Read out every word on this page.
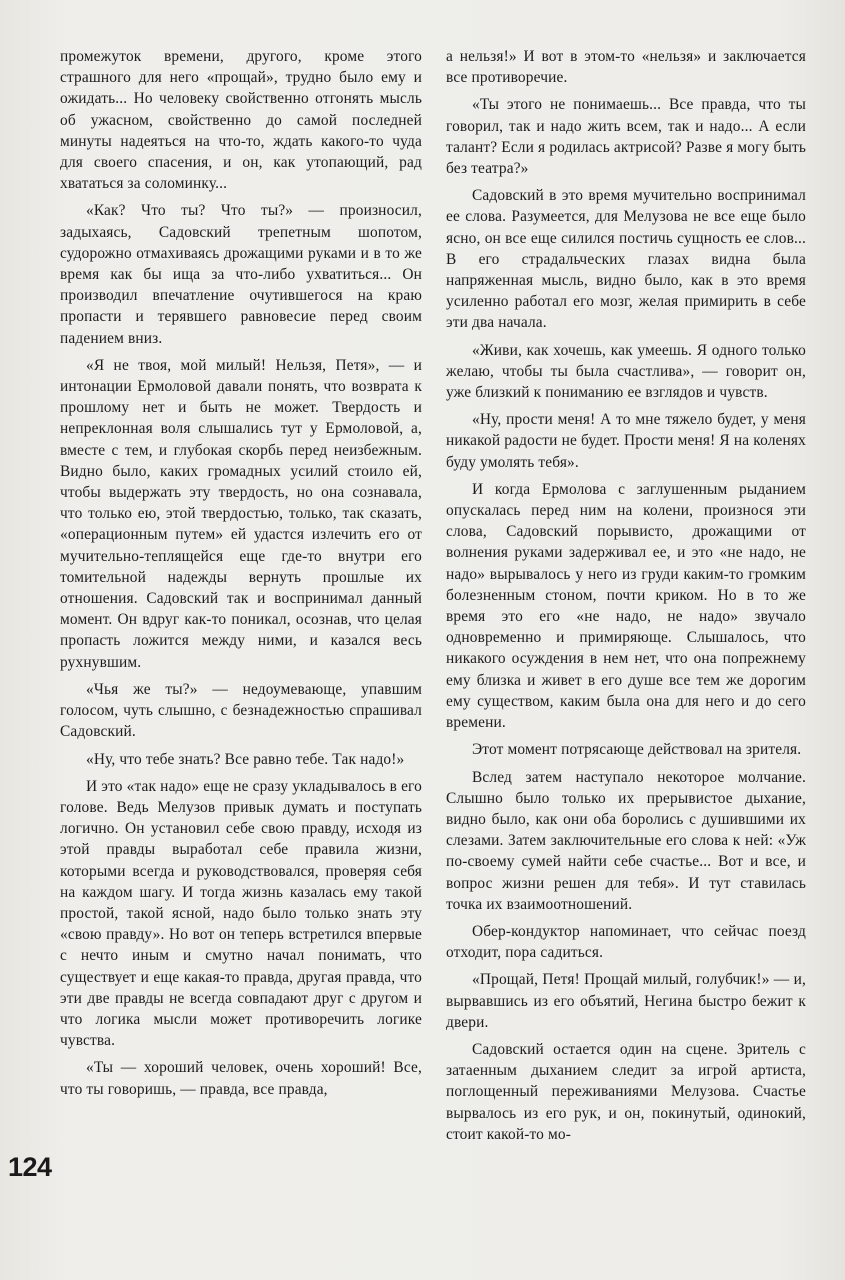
промежуток времени, другого, кроме этого страшного для него «прощай», трудно было ему и ожидать... Но человеку свойственно отгонять мысль об ужасном, свойственно до самой последней минуты надеяться на что-то, ждать какого-то чуда для своего спасения, и он, как утопающий, рад хвататься за соломинку...

«Как? Что ты? Что ты?» — произносил, задыхаясь, Садовский трепетным шопотом, судорожно отмахиваясь дрожащими руками и в то же время как бы ища за что-либо ухватиться... Он производил впечатление очутившегося на краю пропасти и терявшего равновесие перед своим падением вниз.

«Я не твоя, мой милый! Нельзя, Петя», — и интонации Ермоловой давали понять, что возврата к прошлому нет и быть не может. Твердость и непреклонная воля слышались тут у Ермоловой, а, вместе с тем, и глубокая скорбь перед неизбежным. Видно было, каких громадных усилий стоило ей, чтобы выдержать эту твердость, но она сознавала, что только ею, этой твердостью, только, так сказать, «операционным путем» ей удастся излечить его от мучительно-теплящейся еще где-то внутри его томительной надежды вернуть прошлые их отношения. Садовский так и воспринимал данный момент. Он вдруг как-то поникал, осознав, что целая пропасть ложится между ними, и казался весь рухнувшим.

«Чья же ты?» — недоумевающе, упавшим голосом, чуть слышно, с безнадежностью спрашивал Садовский.

«Ну, что тебе знать? Все равно тебе. Так надо!»

И это «так надо» еще не сразу укладывалось в его голове. Ведь Мелузов привык думать и поступать логично. Он установил себе свою правду, исходя из этой правды выработал себе правила жизни, которыми всегда и руководствовался, проверяя себя на каждом шагу. И тогда жизнь казалась ему такой простой, такой ясной, надо было только знать эту «свою правду». Но вот он теперь встретился впервые с нечто иным и смутно начал понимать, что существует и еще какая-то правда, другая правда, что эти две правды не всегда совпадают друг с другом и что логика мысли может противоречить логике чувства.

«Ты — хороший человек, очень хороший! Все, что ты говоришь, — правда, все правда,

а нельзя!» И вот в этом-то «нельзя» и заключается все противоречие.

«Ты этого не понимаешь... Все правда, что ты говорил, так и надо жить всем, так и надо... А если талант? Если я родилась актрисой? Разве я могу быть без театра?»

Садовский в это время мучительно воспринимал ее слова. Разумеется, для Мелузова не все еще было ясно, он все еще силился постичь сущность ее слов... В его страдальческих глазах видна была напряженная мысль, видно было, как в это время усиленно работал его мозг, желая примирить в себе эти два начала.

«Живи, как хочешь, как умеешь. Я одного только желаю, чтобы ты была счастлива», — говорит он, уже близкий к пониманию ее взглядов и чувств.

«Ну, прости меня! А то мне тяжело будет, у меня никакой радости не будет. Прости меня! Я на коленях буду умолять тебя».

И когда Ермолова с заглушенным рыданием опускалась перед ним на колени, произнося эти слова, Садовский порывисто, дрожащими от волнения руками задерживал ее, и это «не надо, не надо» вырывалось у него из груди каким-то громким болезненным стоном, почти криком. Но в то же время это его «не надо, не надо» звучало одновременно и примиряюще. Слышалось, что никакого осуждения в нем нет, что она попрежнему ему близка и живет в его душе все тем же дорогим ему существом, каким была она для него и до сего времени.

Этот момент потрясающе действовал на зрителя.

Вслед затем наступало некоторое молчание. Слышно было только их прерывистое дыхание, видно было, как они оба боролись с душившими их слезами. Затем заключительные его слова к ней: «Уж по-своему сумей найти себе счастье... Вот и все, и вопрос жизни решен для тебя». И тут ставилась точка их взаимоотношений.

Обер-кондуктор напоминает, что сейчас поезд отходит, пора садиться.

«Прощай, Петя! Прощай милый, голубчик!» — и, вырвавшись из его объятий, Негина быстро бежит к двери.

Садовский остается один на сцене. Зритель с затаенным дыханием следит за игрой артиста, поглощенный переживаниями Мелузова. Счастье вырвалось из его рук, и он, покинутый, одинокий, стоит какой-то мо-

124
